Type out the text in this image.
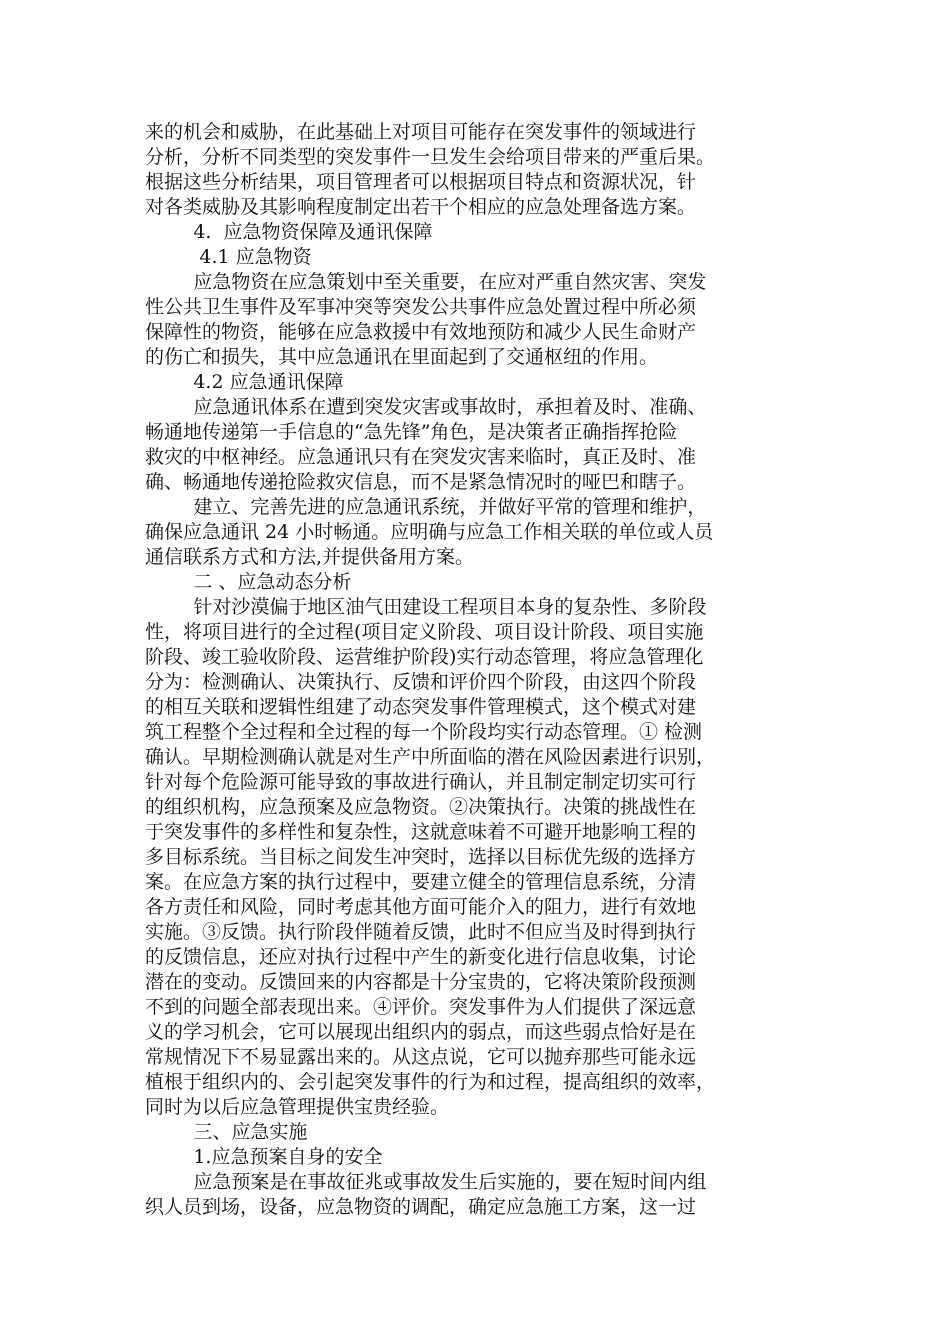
来的机会和威胁，在此基础上对项目可能存在突发事件的领域进行
分析，分析不同类型的突发事件一旦发生会给项目带来的严重后果。
根据这些分析结果，项目管理者可以根据项目特点和资源状况，针
对各类威胁及其影响程度制定出若干个相应的应急处理备选方案。
4.  应急物资保障及通讯保障
4.1 应急物资
应急物资在应急策划中至关重要，在应对严重自然灾害、突发
性公共卫生事件及军事冲突等突发公共事件应急处置过程中所必须
保障性的物资，能够在应急救援中有效地预防和减少人民生命财产
的伤亡和损失，其中应急通讯在里面起到了交通枢纽的作用。
4.2 应急通讯保障
应急通讯体系在遭到突发灾害或事故时，承担着及时、准确、
畅通地传递第一手信息的“急先锋”角色，是决策者正确指挥抢险
救灾的中枢神经。应急通讯只有在突发灾害来临时，真正及时、准
确、畅通地传递抢险救灾信息，而不是紧急情况时的哑巴和瞎子。
建立、完善先进的应急通讯系统，并做好平常的管理和维护，
确保应急通讯 24 小时畅通。应明确与应急工作相关联的单位或人员
通信联系方式和方法,并提供备用方案。
二 、应急动态分析
针对沙漠偏于地区油气田建设工程项目本身的复杂性、多阶段
性，将项目进行的全过程(项目定义阶段、项目设计阶段、项目实施
阶段、竣工验收阶段、运营维护阶段)实行动态管理，将应急管理化
分为：检测确认、决策执行、反馈和评价四个阶段，由这四个阶段
的相互关联和逻辑性组建了动态突发事件管理模式，这个模式对建
筑工程整个全过程和全过程的每一个阶段均实行动态管理。① 检测
确认。早期检测确认就是对生产中所面临的潜在风险因素进行识别，
针对每个危险源可能导致的事故进行确认，并且制定制定切实可行
的组织机构，应急预案及应急物资。②决策执行。决策的挑战性在
于突发事件的多样性和复杂性，这就意味着不可避开地影响工程的
多目标系统。当目标之间发生冲突时，选择以目标优先级的选择方
案。在应急方案的执行过程中，要建立健全的管理信息系统，分清
各方责任和风险，同时考虑其他方面可能介入的阻力，进行有效地
实施。③反馈。执行阶段伴随着反馈，此时不但应当及时得到执行
的反馈信息，还应对执行过程中产生的新变化进行信息收集，讨论
潜在的变动。反馈回来的内容都是十分宝贵的，它将决策阶段预测
不到的问题全部表现出来。④评价。突发事件为人们提供了深远意
义的学习机会，它可以展现出组织内的弱点，而这些弱点恰好是在
常规情况下不易显露出来的。从这点说，它可以抛弃那些可能永远
植根于组织内的、会引起突发事件的行为和过程，提高组织的效率，
同时为以后应急管理提供宝贵经验。
三、应急实施
1.应急预案自身的安全
应急预案是在事故征兆或事故发生后实施的，要在短时间内组
织人员到场，设备，应急物资的调配，确定应急施工方案，这一过
